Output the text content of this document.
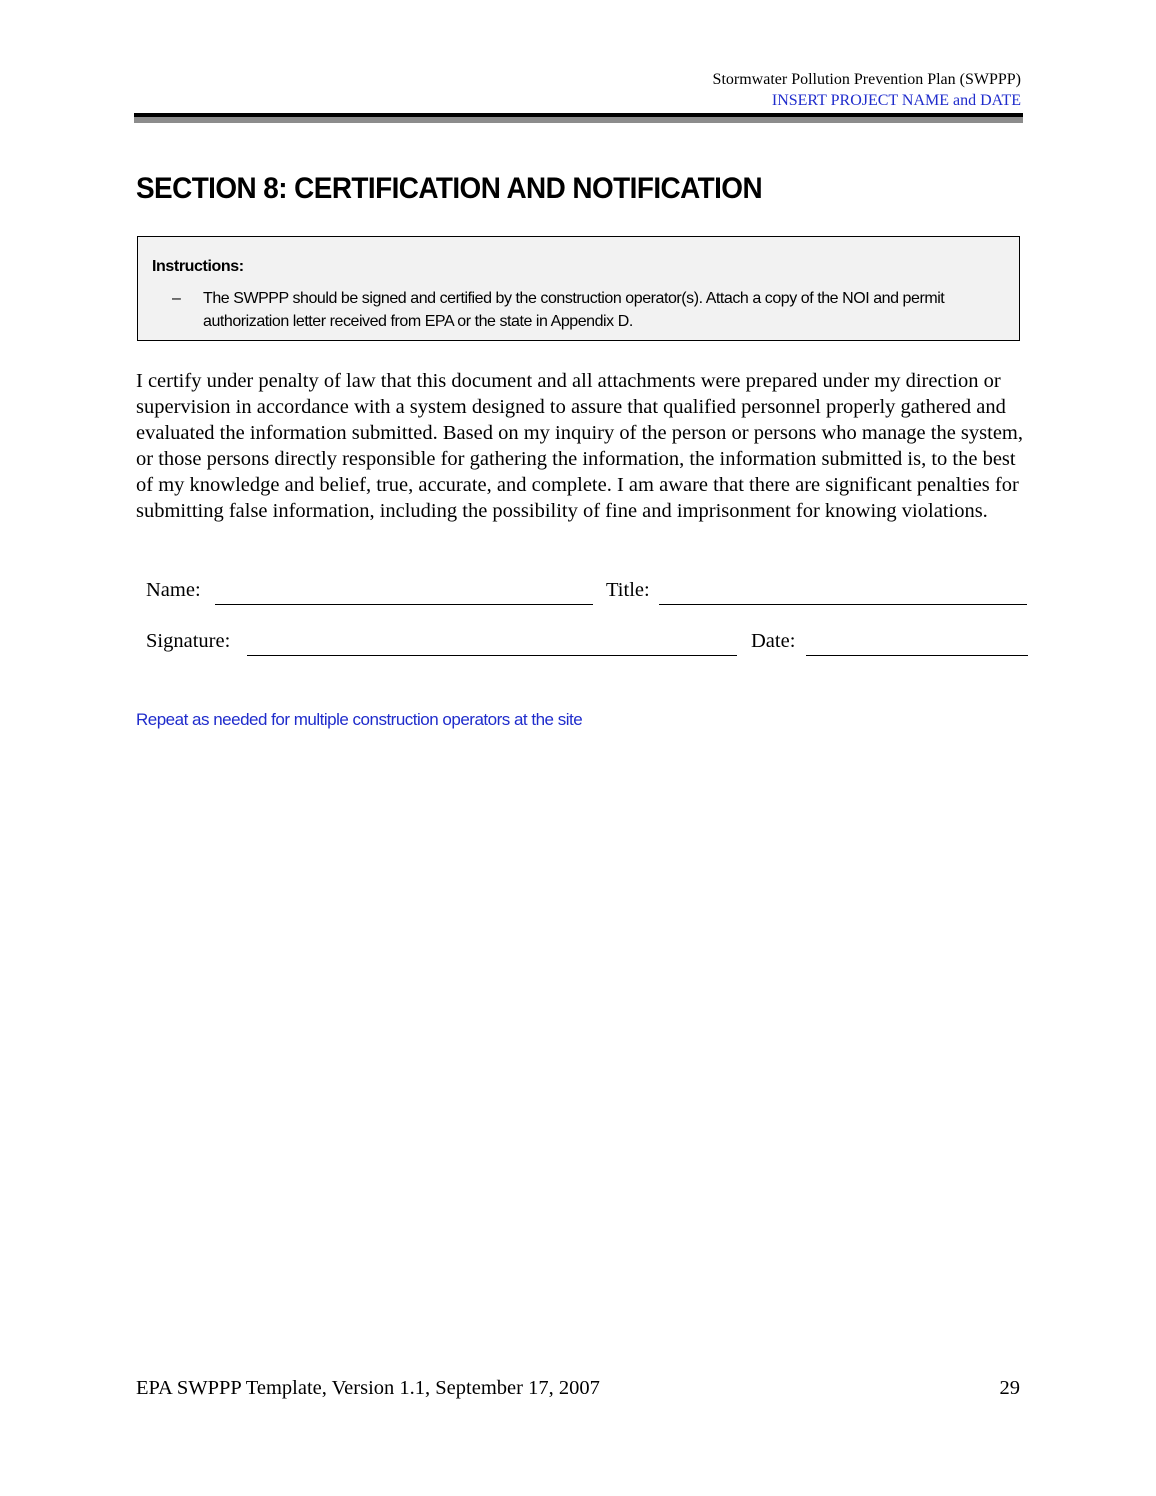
Stormwater Pollution Prevention Plan (SWPPP)
INSERT PROJECT NAME and DATE
SECTION 8: CERTIFICATION AND NOTIFICATION
Instructions:
– The SWPPP should be signed and certified by the construction operator(s). Attach a copy of the NOI and permit authorization letter received from EPA or the state in Appendix D.

I certify under penalty of law that this document and all attachments were prepared under my direction or supervision in accordance with a system designed to assure that qualified personnel properly gathered and evaluated the information submitted. Based on my inquiry of the person or persons who manage the system, or those persons directly responsible for gathering the information, the information submitted is, to the best of my knowledge and belief, true, accurate, and complete. I am aware that there are significant penalties for submitting false information, including the possibility of fine and imprisonment for knowing violations.

Name:	Title:
Signature:	Date:
Repeat as needed for multiple construction operators at the site
EPA SWPPP Template, Version 1.1, September 17, 2007	29
